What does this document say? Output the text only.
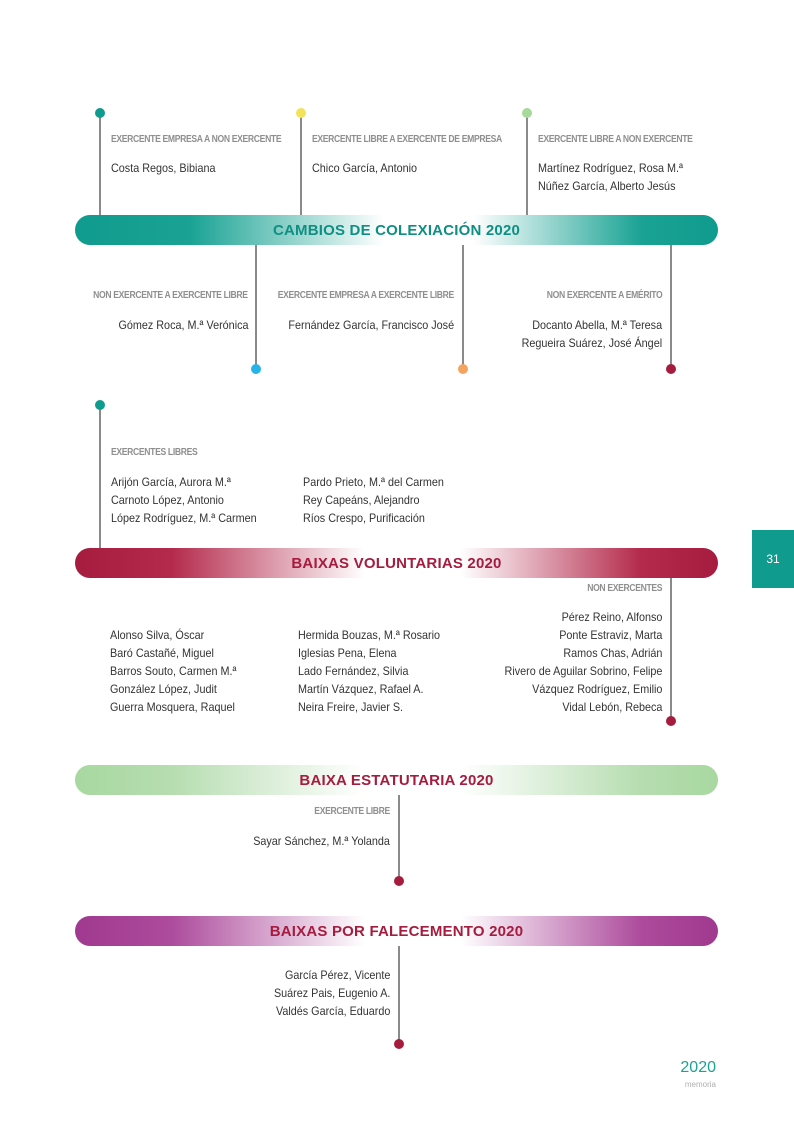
EXERCENTE EMPRESA A NON EXERCENTE
Costa Regos, Bibiana
EXERCENTE LIBRE A EXERCENTE DE EMPRESA
Chico García, Antonio
EXERCENTE LIBRE A NON EXERCENTE
Martínez Rodríguez, Rosa M.ª
Núñez García, Alberto Jesús
CAMBIOS DE COLEXIACIÓN 2020
NON EXERCENTE A EXERCENTE LIBRE
Gómez Roca, M.ª Verónica
EXERCENTE EMPRESA A EXERCENTE LIBRE
Fernández García, Francisco José
NON EXERCENTE A EMÉRITO
Docanto Abella, M.ª Teresa
Regueira Suárez, José Ángel
EXERCENTES LIBRES
Arijón García, Aurora M.ª
Carnoto López, Antonio
López Rodríguez, M.ª Carmen
Pardo Prieto, M.ª del Carmen
Rey Capeáns, Alejandro
Ríos Crespo, Purificación
BAIXAS VOLUNTARIAS 2020
NON EXERCENTES
Alonso Silva, Óscar
Baró Castañé, Miguel
Barros Souto, Carmen M.ª
González López, Judit
Guerra Mosquera, Raquel
Hermida Bouzas, M.ª Rosario
Iglesias Pena, Elena
Lado Fernández, Silvia
Martín Vázquez, Rafael A.
Neira Freire, Javier S.
Pérez Reino, Alfonso
Ponte Estraviz, Marta
Ramos Chas, Adrián
Rivero de Aguilar Sobrino, Felipe
Vázquez Rodríguez, Emilio
Vidal Lebón, Rebeca
BAIXA ESTATUTARIA 2020
EXERCENTE LIBRE
Sayar Sánchez, M.ª Yolanda
BAIXAS POR FALECEMENTO 2020
García Pérez, Vicente
Suárez Pais, Eugenio A.
Valdés García, Eduardo
31
2020
memoria
